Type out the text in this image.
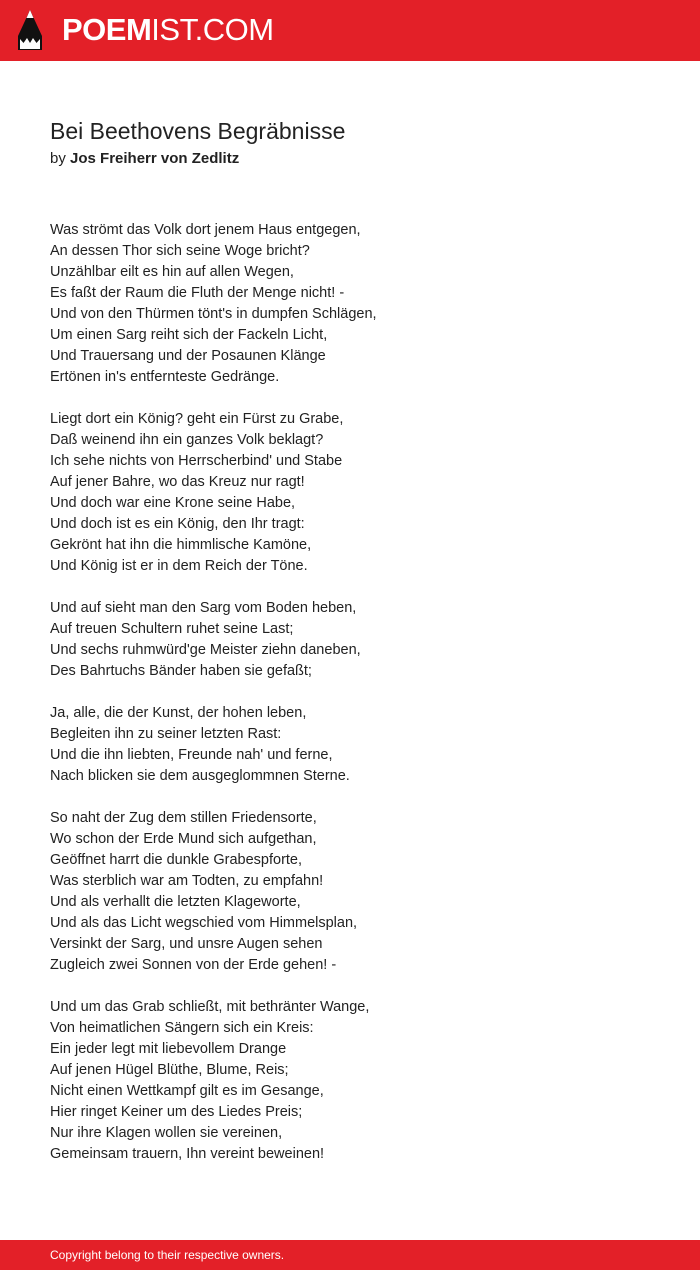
POEMIST.COM
Bei Beethovens Begräbnisse
by Jos Freiherr von Zedlitz
Was strömt das Volk dort jenem Haus entgegen,
An dessen Thor sich seine Woge bricht?
Unzählbar eilt es hin auf allen Wegen,
Es faßt der Raum die Fluth der Menge nicht! -
Und von den Thürmen tönt's in dumpfen Schlägen,
Um einen Sarg reiht sich der Fackeln Licht,
Und Trauersang und der Posaunen Klänge
Ertönen in's entfernteste Gedränge.
Liegt dort ein König? geht ein Fürst zu Grabe,
Daß weinend ihn ein ganzes Volk beklagt?
Ich sehe nichts von Herrscherbind' und Stabe
Auf jener Bahre, wo das Kreuz nur ragt!
Und doch war eine Krone seine Habe,
Und doch ist es ein König, den Ihr tragt:
Gekrönt hat ihn die himmlische Kamöne,
Und König ist er in dem Reich der Töne.
Und auf sieht man den Sarg vom Boden heben,
Auf treuen Schultern ruhet seine Last;
Und sechs ruhmwürd'ge Meister ziehn daneben,
Des Bahrtuchs Bänder haben sie gefaßt;
Ja, alle, die der Kunst, der hohen leben,
Begleiten ihn zu seiner letzten Rast:
Und die ihn liebten, Freunde nah' und ferne,
Nach blicken sie dem ausgeglommnen Sterne.
So naht der Zug dem stillen Friedensorte,
Wo schon der Erde Mund sich aufgethan,
Geöffnet harrt die dunkle Grabespforte,
Was sterblich war am Todten, zu empfahn!
Und als verhallt die letzten Klageworte,
Und als das Licht wegschied vom Himmelsplan,
Versinkt der Sarg, und unsre Augen sehen
Zugleich zwei Sonnen von der Erde gehen! -
Und um das Grab schließt, mit bethränter Wange,
Von heimatlichen Sängern sich ein Kreis:
Ein jeder legt mit liebevollem Drange
Auf jenen Hügel Blüthe, Blume, Reis;
Nicht einen Wettkampf gilt es im Gesange,
Hier ringet Keiner um des Liedes Preis;
Nur ihre Klagen wollen sie vereinen,
Gemeinsam trauern, Ihn vereint beweinen!
Copyright belong to their respective owners.
